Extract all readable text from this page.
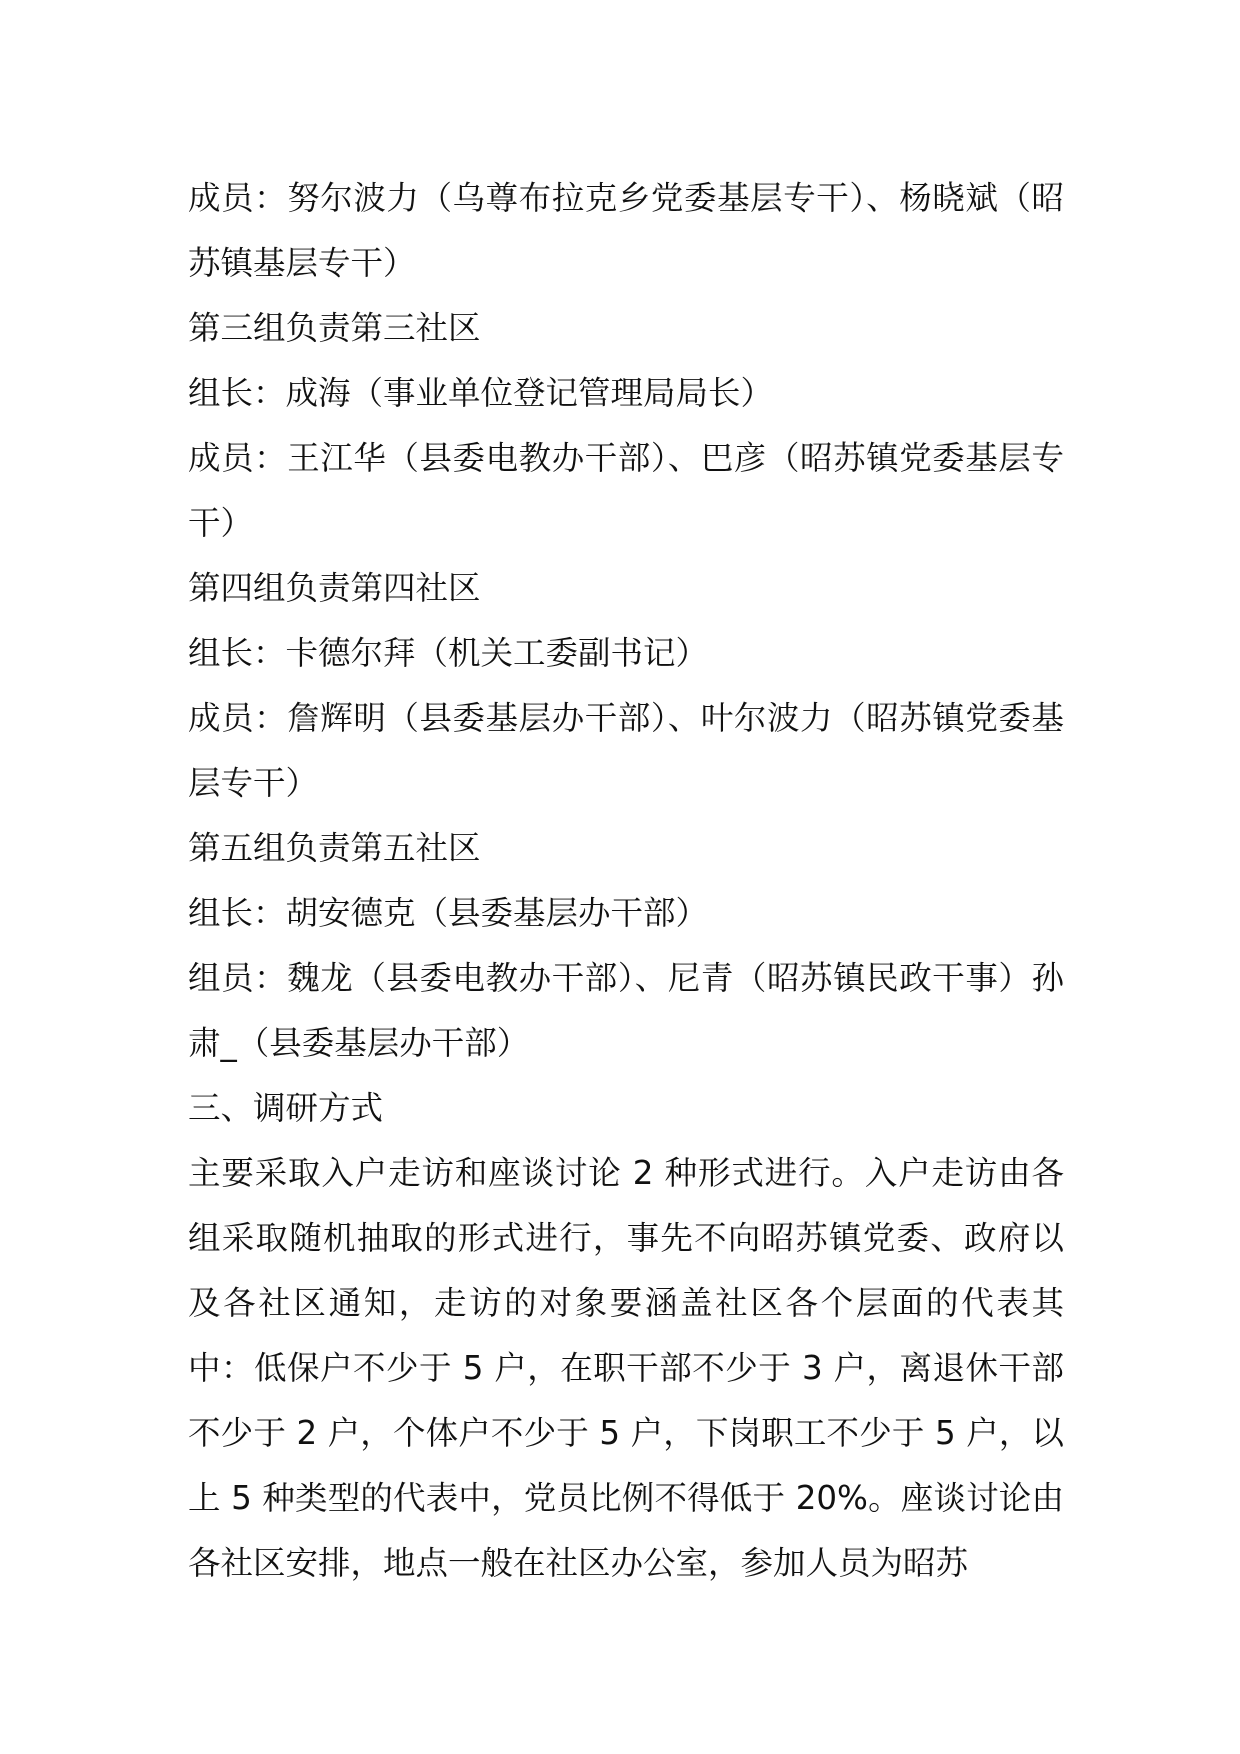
成员：努尔波力（乌尊布拉克乡党委基层专干）、杨晓斌（昭苏镇基层专干）

第三组负责第三社区

组长：成海（事业单位登记管理局局长）

成员：王江华（县委电教办干部）、巴彦（昭苏镇党委基层专干）

第四组负责第四社区

组长：卡德尔拜（机关工委副书记）

成员：詹辉明（县委基层办干部）、叶尔波力（昭苏镇党委基层专干）

第五组负责第五社区

组长：胡安德克（县委基层办干部）

组员：魏龙（县委电教办干部）、尼青（昭苏镇民政干事）孙肃_（县委基层办干部）

三、调研方式

主要采取入户走访和座谈讨论 2 种形式进行。入户走访由各组采取随机抽取的形式进行，事先不向昭苏镇党委、政府以及各社区通知，走访的对象要涵盖社区各个层面的代表其中：低保户不少于 5 户，在职干部不少于 3 户，离退休干部不少于 2 户，个体户不少于 5 户，下岗职工不少于 5 户，以上 5 种类型的代表中，党员比例不得低于 20%。座谈讨论由各社区安排，地点一般在社区办公室，参加人员为昭苏
